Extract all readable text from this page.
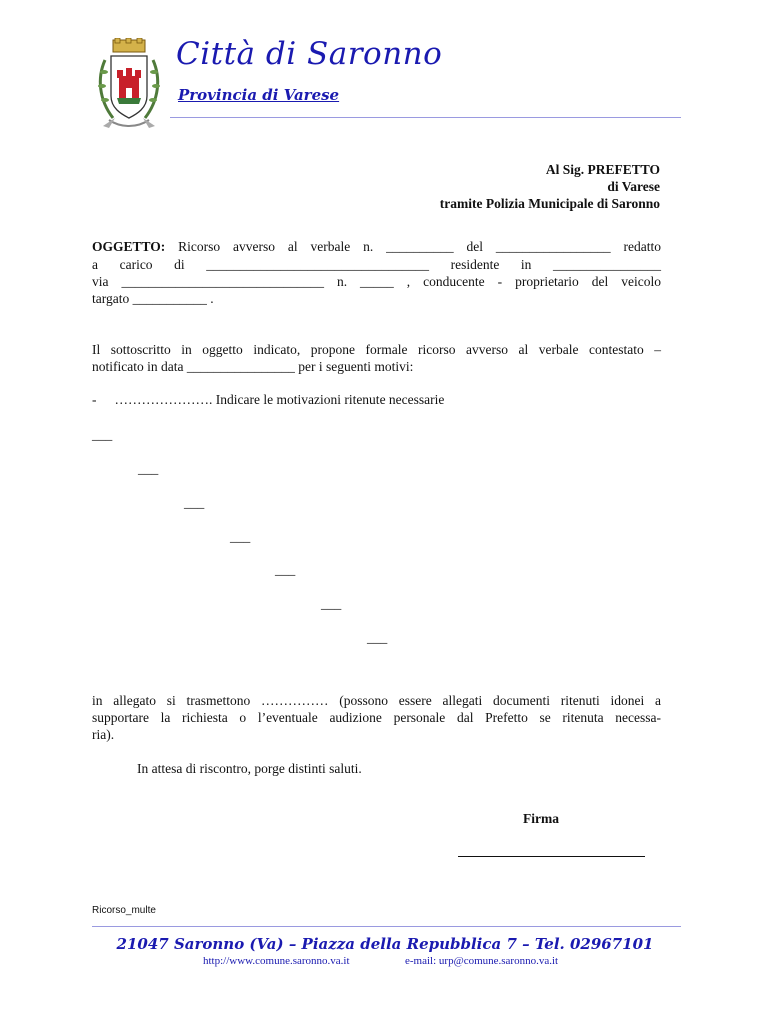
Città di Saronno
Provincia di Varese
Al Sig. PREFETTO
di Varese
tramite Polizia Municipale di Saronno
OGGETTO: Ricorso avverso al verbale n. __________ del _________________ redatto
a carico di _________________________________ residente in ________________
via ______________________________ n. _____ , conducente - proprietario del veicolo
targato ___________ .
Il sottoscritto in oggetto indicato, propone formale ricorso avverso al verbale contestato –
notificato in data ________________ per i seguenti motivi:
- …………………. Indicare le motivazioni ritenute necessarie
___
___
___
___
___
___
___
in allegato si trasmettono …………… (possono essere allegati documenti ritenuti idonei a
supportare la richiesta o l’eventuale audizione personale dal Prefetto se ritenuta necessa-
ria).
In attesa di riscontro, porge distinti saluti.
Firma
Ricorso_multe
21047 Saronno (Va) – Piazza della Repubblica 7 – Tel. 02967101
http://www.comune.saronno.va.it	e-mail: urp@comune.saronno.va.it
